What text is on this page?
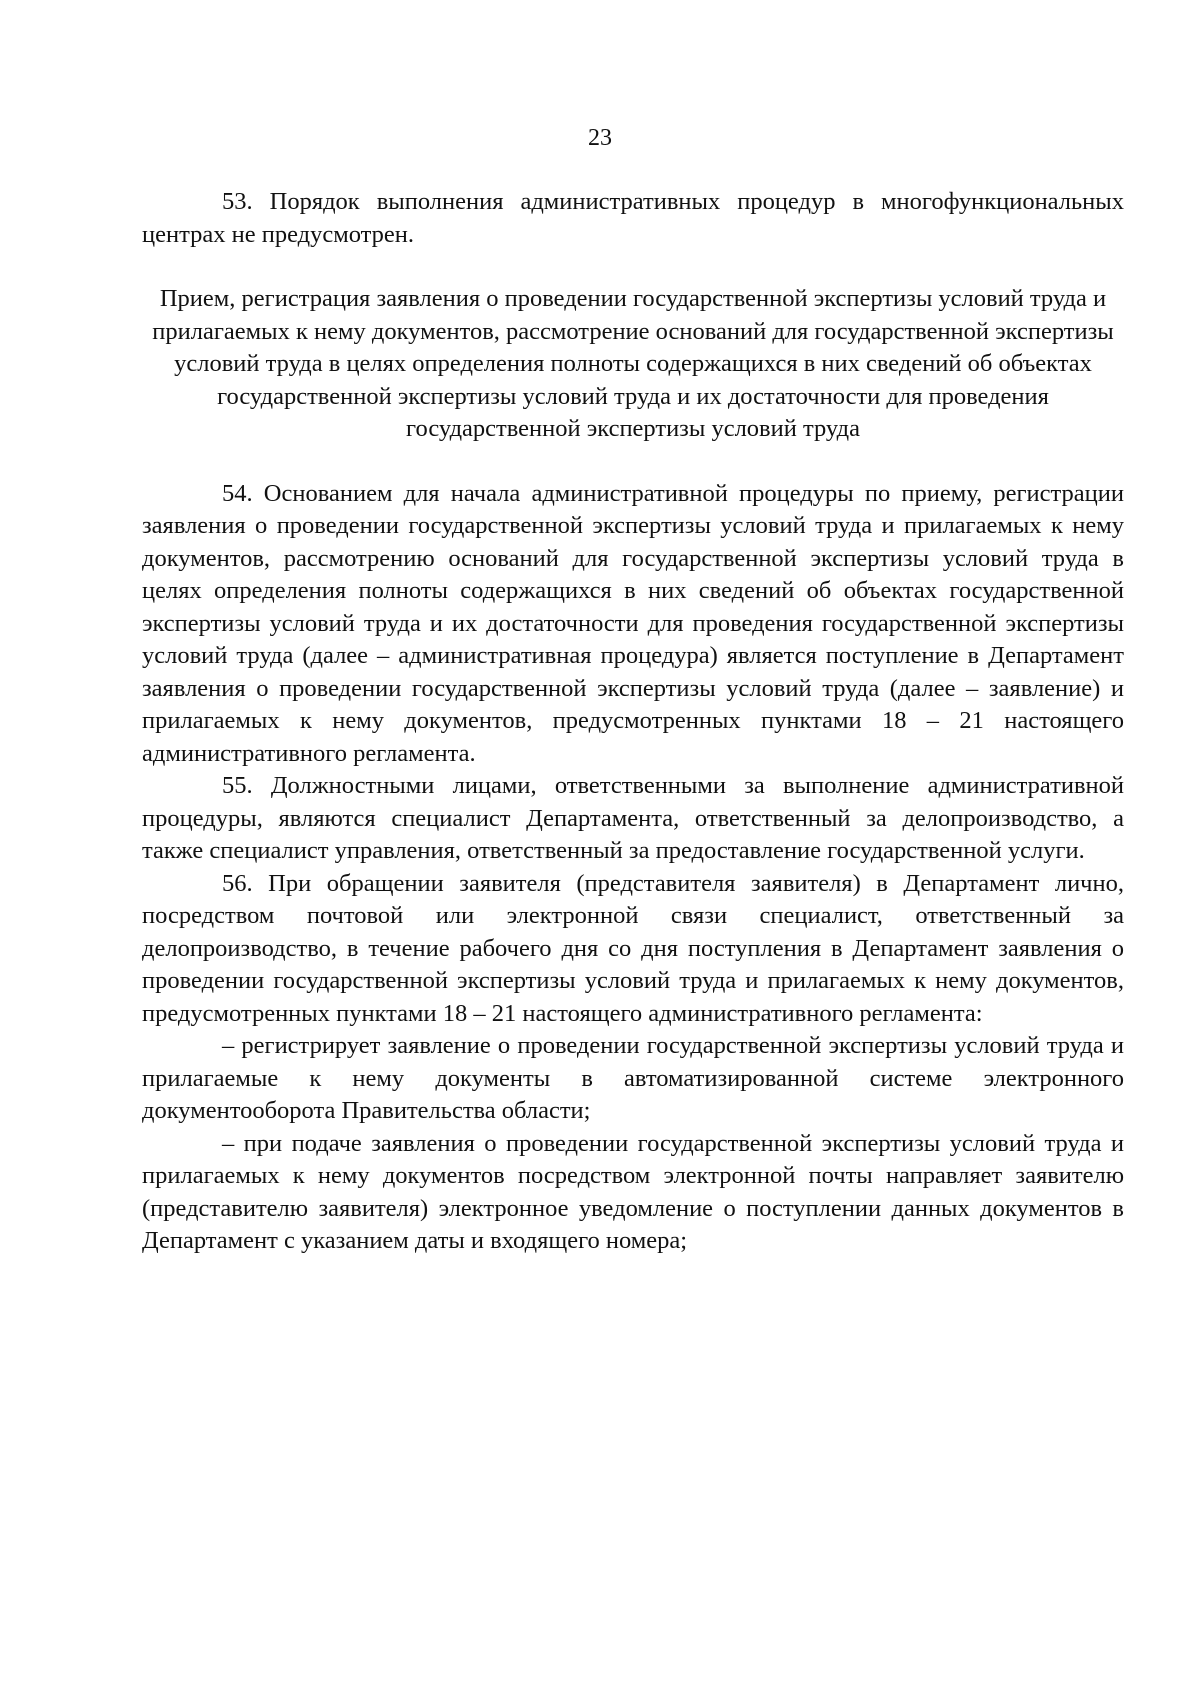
23

53. Порядок выполнения административных процедур в многофункциональных центрах не предусмотрен.

Прием, регистрация заявления о проведении государственной экспертизы условий труда и прилагаемых к нему документов, рассмотрение оснований для государственной экспертизы условий труда в целях определения полноты содержащихся в них сведений об объектах государственной экспертизы условий труда и их достаточности для проведения государственной экспертизы условий труда

54. Основанием для начала административной процедуры по приему, регистрации заявления о проведении государственной экспертизы условий труда и прилагаемых к нему документов, рассмотрению оснований для государственной экспертизы условий труда в целях определения полноты содержащихся в них сведений об объектах государственной экспертизы условий труда и их достаточности для проведения государственной экспертизы условий труда (далее – административная процедура) является поступление в Департамент заявления о проведении государственной экспертизы условий труда (далее – заявление) и прилагаемых к нему документов, предусмотренных пунктами 18 – 21 настоящего административного регламента.

55. Должностными лицами, ответственными за выполнение административной процедуры, являются специалист Департамента, ответственный за делопроизводство, а также специалист управления, ответственный за предоставление государственной услуги.

56. При обращении заявителя (представителя заявителя) в Департамент лично, посредством почтовой или электронной связи специалист, ответственный за делопроизводство, в течение рабочего дня со дня поступления в Департамент заявления о проведении государственной экспертизы условий труда и прилагаемых к нему документов, предусмотренных пунктами 18 – 21 настоящего административного регламента:

– регистрирует заявление о проведении государственной экспертизы условий труда и прилагаемые к нему документы в автоматизированной системе электронного документооборота Правительства области;

– при подаче заявления о проведении государственной экспертизы условий труда и прилагаемых к нему документов посредством электронной почты направляет заявителю (представителю заявителя) электронное уведомление о поступлении данных документов в Департамент с указанием даты и входящего номера;
